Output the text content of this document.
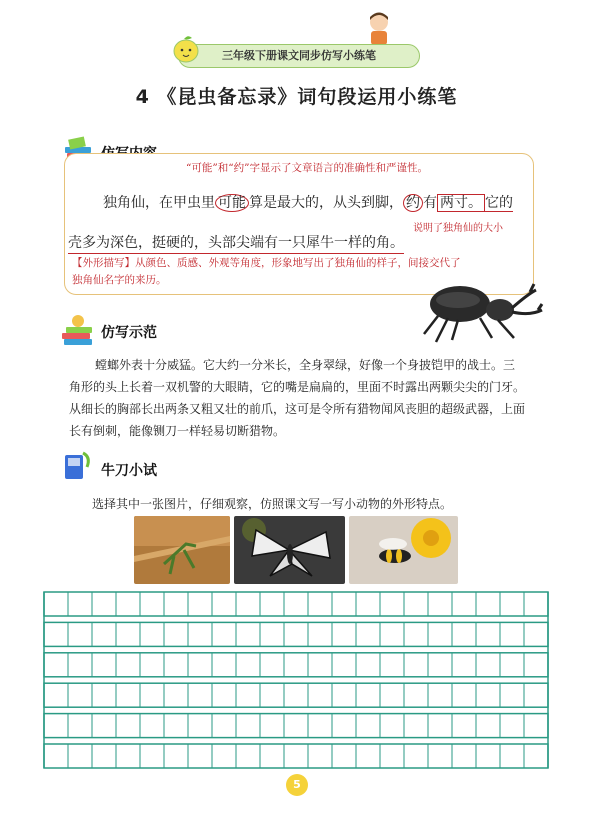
三年级下册课文同步仿写小练笔
4 《昆虫备忘录》词句段运用小练笔
“可能”和“约”字显示了文章语言的准确性和严谨性。
独角仙，在甲虫里 可能 算是最大的，从头到脚， 约 有 两寸。 它的
说明了独角仙的大小
壳多为深色，挺硬的，头部尖端有一只犀牛一样的角。
【外形描写】从颜色、质感、外观等角度，形象地写出了独角仙的样子，间接交代了
独角仙名字的来历。
仿写示范
螳螂外表十分威猛。它大约一分米长，全身翠绿，好像一个身披铠甲的战士。三
角形的头上长着一双机警的大眼睛，它的嘴是扁扁的，里面不时露出两颗尖尖的门牙。
从细长的胸部长出两条又粗又壮的前爪，这可是令所有猎物闻风丧胆的超级武器，上面
长有倒刺，能像铡刀一样轻易切断猎物。
牛刀小试
选择其中一张图片，仔细观察，仿照课文写一写小动物的外形特点。
5
